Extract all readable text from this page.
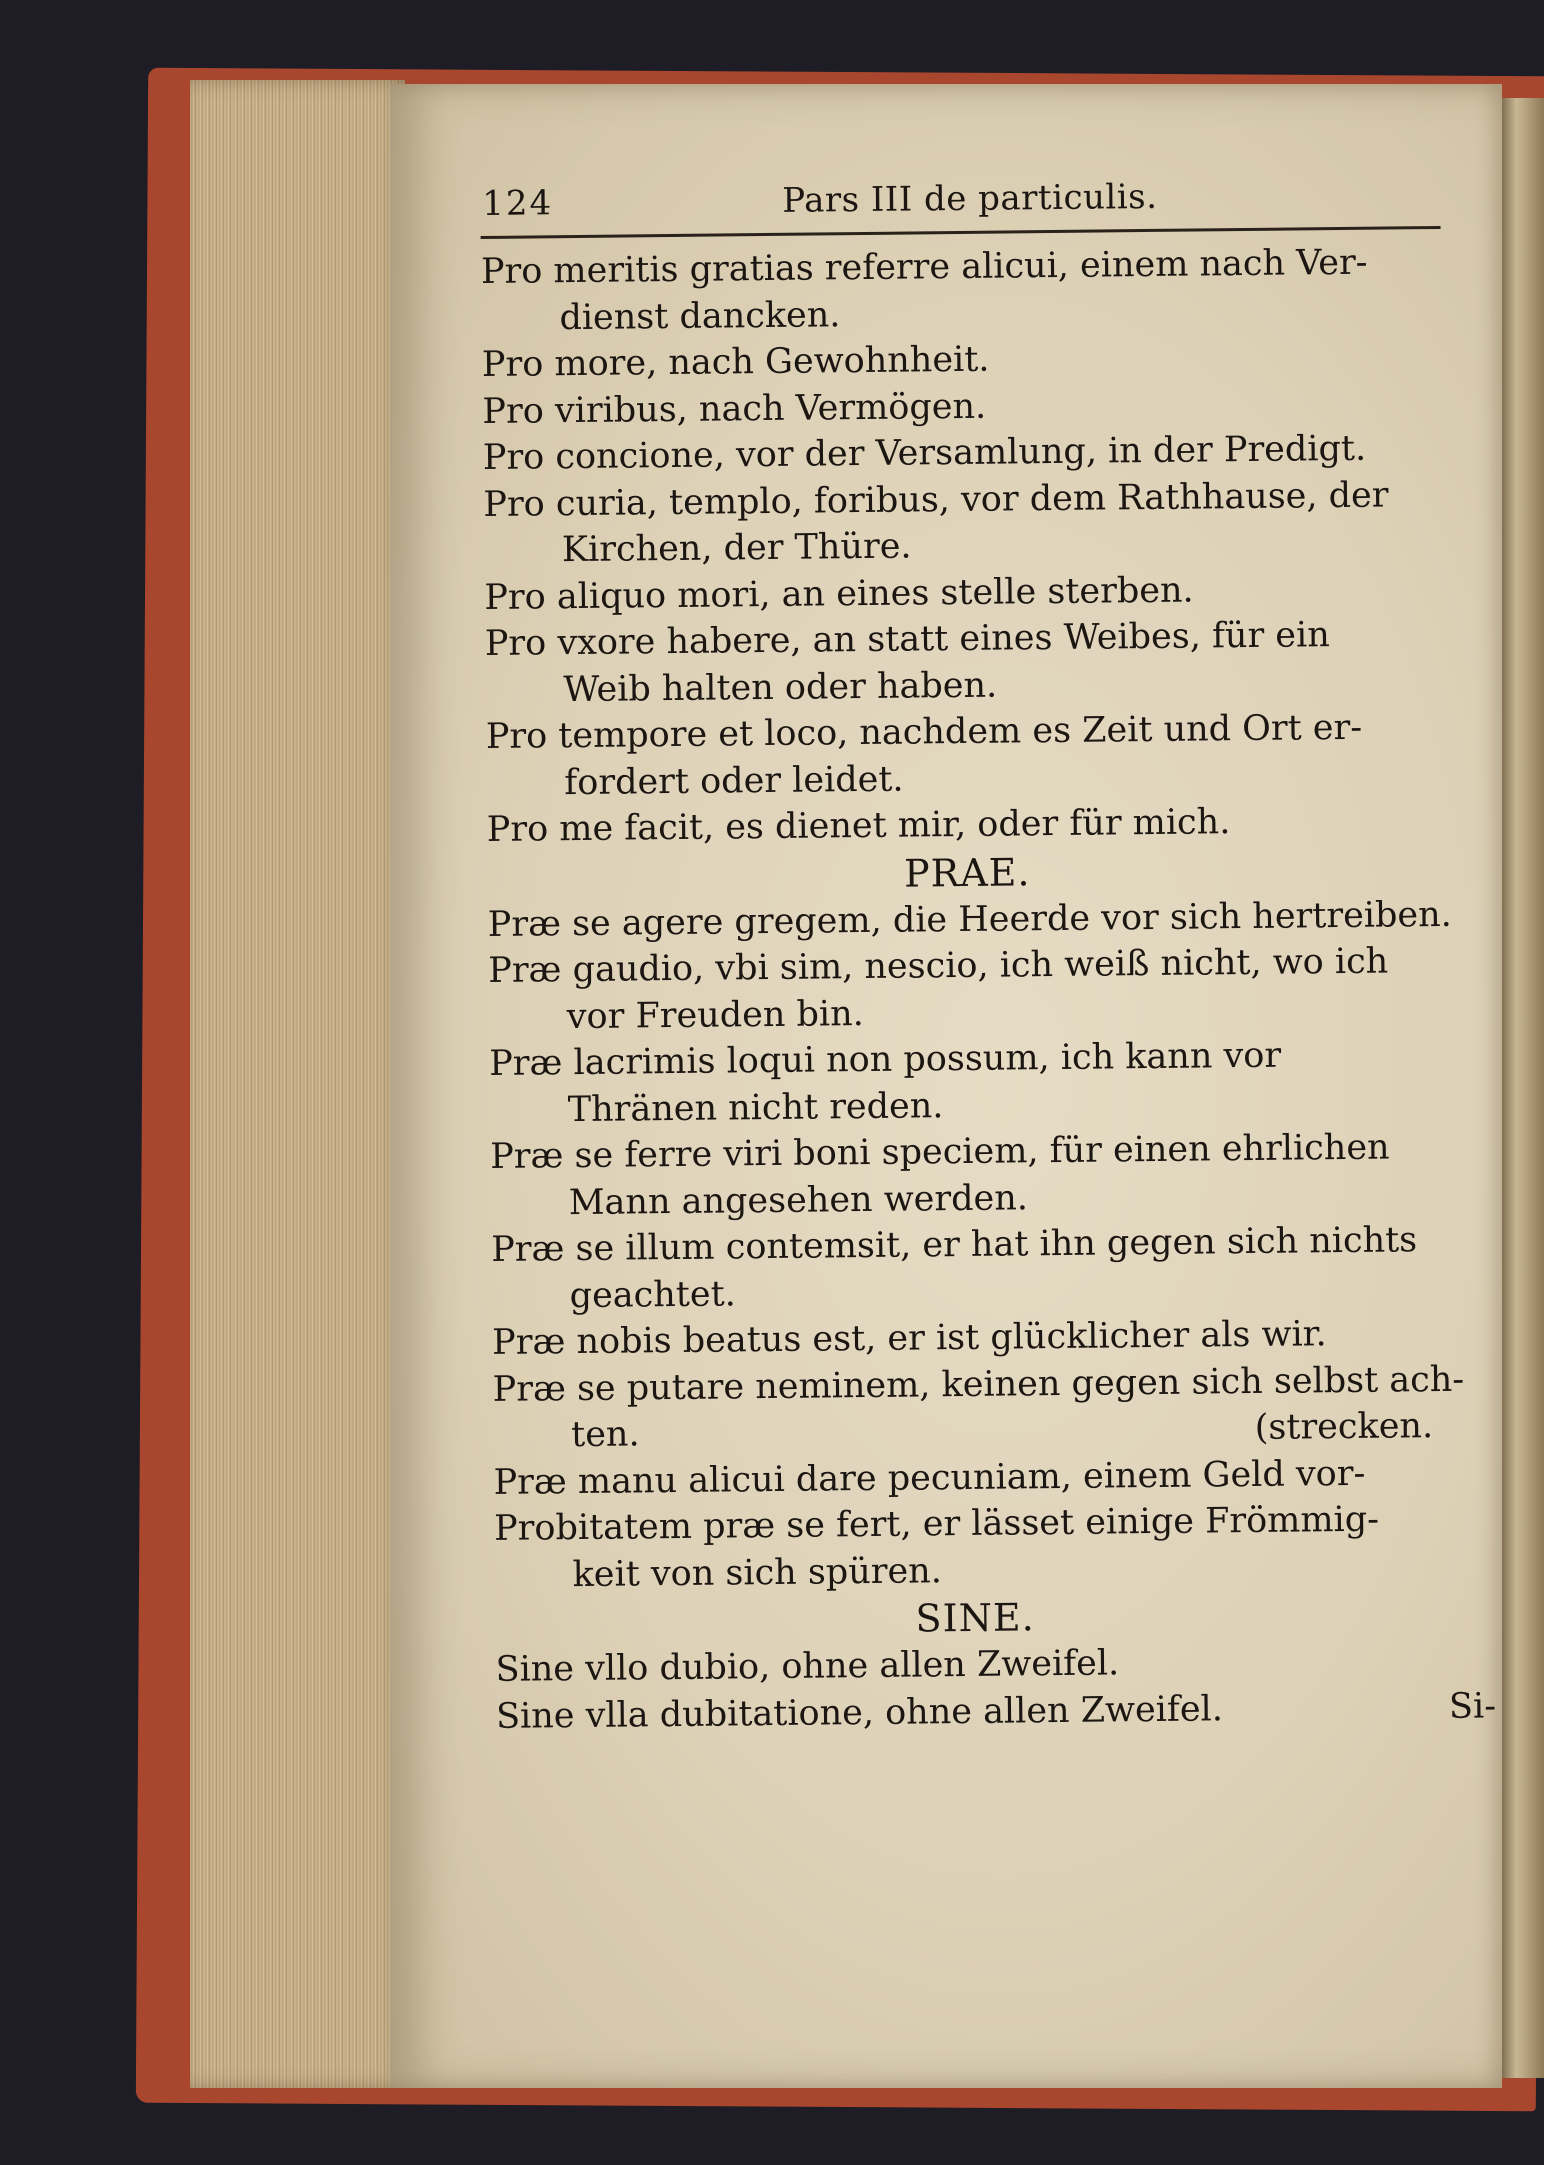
124	Pars III de particulis.
Pro meritis gratias referre alicui, einem nach Ver-
dienst dancken.
Pro more, nach Gewohnheit.
Pro viribus, nach Vermögen.
Pro concione, vor der Versamlung, in der Predigt.
Pro curia, templo, foribus, vor dem Rathhause, der
Kirchen, der Thüre.
Pro aliquo mori, an eines stelle sterben.
Pro vxore habere, an statt eines Weibes, für ein
Weib halten oder haben.
Pro tempore et loco, nachdem es Zeit und Ort er-
fordert oder leidet.
Pro me facit, es dienet mir, oder für mich.
PRAE.
Præ se agere gregem, die Heerde vor sich hertreiben.
Præ gaudio, vbi sim, nescio, ich weiß nicht, wo ich
vor Freuden bin.
Præ lacrimis loqui non possum, ich kann vor
Thränen nicht reden.
Præ se ferre viri boni speciem, für einen ehrlichen
Mann angesehen werden.
Præ se illum contemsit, er hat ihn gegen sich nichts
geachtet.
Præ nobis beatus est, er ist glücklicher als wir.
Præ se putare neminem, keinen gegen sich selbst ach-
ten.	(strecken.
Præ manu alicui dare pecuniam, einem Geld vor-
Probitatem præ se fert, er lässet einige Frömmig-
keit von sich spüren.
SINE.
Sine vllo dubio, ohne allen Zweifel.
Sine vlla dubitatione, ohne allen Zweifel.	Si-
